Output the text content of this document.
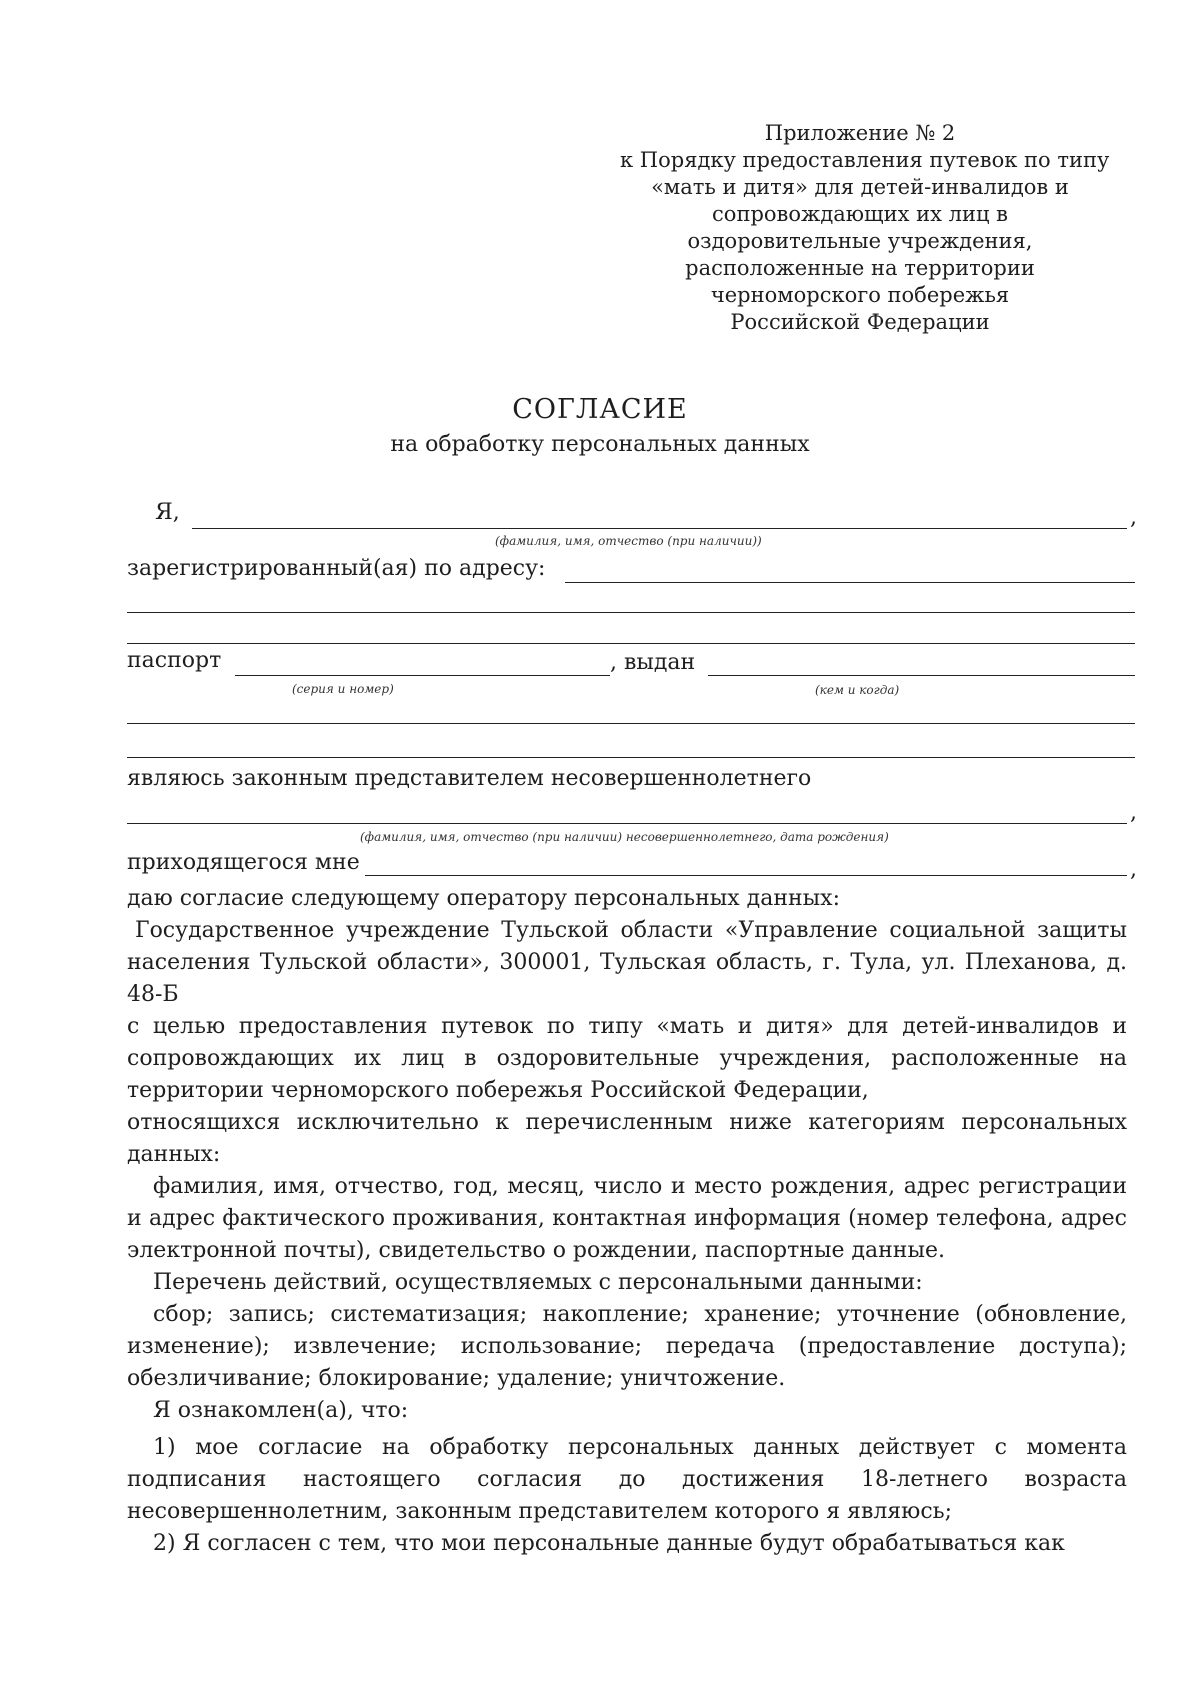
Приложение № 2
к Порядку предоставления путевок по типу
«мать и дитя» для детей-инвалидов и
сопровождающих их лиц в
оздоровительные учреждения,
расположенные на территории
черноморского побережья
Российской Федерации
СОГЛАСИЕ
на обработку персональных данных
Я,	,
(фамилия, имя, отчество (при наличии))
зарегистрированный(ая) по адресу:
паспорт	, выдан
(серия и номер)	(кем и когда)
являюсь законным представителем несовершеннолетнего
,
(фамилия, имя, отчество (при наличии) несовершеннолетнего, дата рождения)
приходящегося мне	,
даю согласие следующему оператору персональных данных:
Государственное учреждение Тульской области «Управление социальной защиты населения Тульской области», 300001, Тульская область, г. Тула, ул. Плеханова, д. 48-Б
с целью предоставления путевок по типу «мать и дитя» для детей-инвалидов и сопровождающих их лиц в оздоровительные учреждения, расположенные на территории черноморского побережья Российской Федерации,
относящихся исключительно к перечисленным ниже категориям персональных данных:
фамилия, имя, отчество, год, месяц, число и место рождения, адрес регистрации и адрес фактического проживания, контактная информация (номер телефона, адрес электронной почты), свидетельство о рождении, паспортные данные.
Перечень действий, осуществляемых с персональными данными:
сбор; запись; систематизация; накопление; хранение; уточнение (обновление, изменение); извлечение; использование; передача (предоставление доступа); обезличивание; блокирование; удаление; уничтожение.
Я ознакомлен(а), что:
1) мое согласие на обработку персональных данных действует с момента подписания настоящего согласия до достижения 18-летнего возраста несовершеннолетним, законным представителем которого я являюсь;
2) Я согласен с тем, что мои персональные данные будут обрабатываться как
